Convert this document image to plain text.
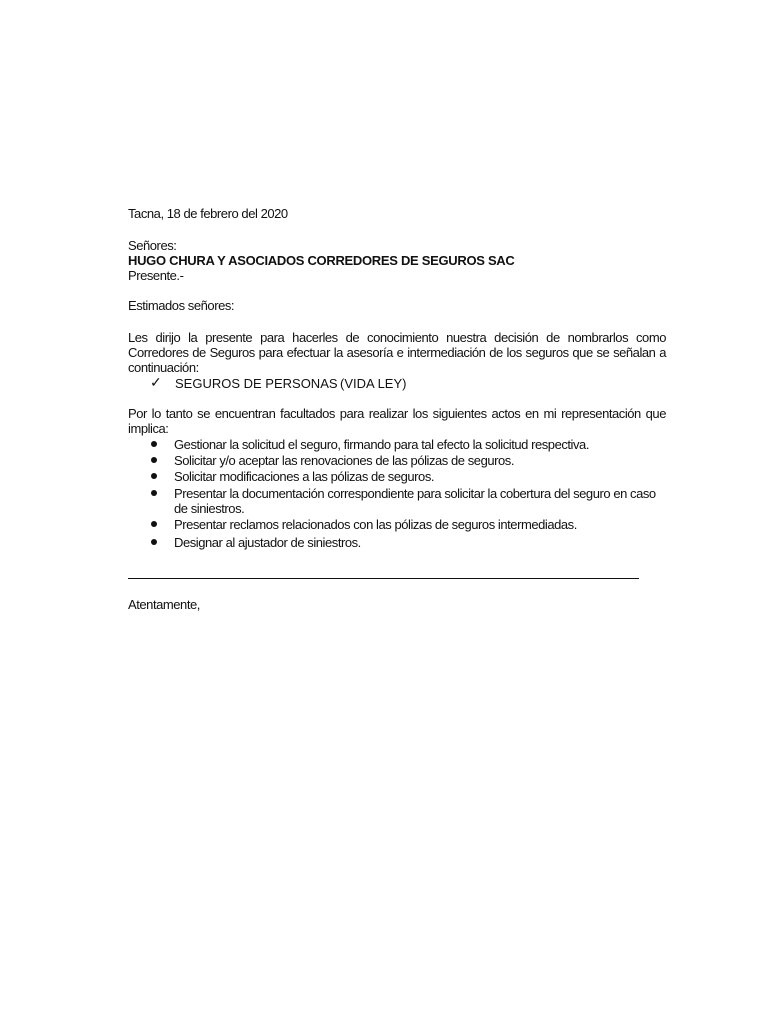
Tacna, 18 de febrero del 2020
Señores:
HUGO CHURA Y ASOCIADOS CORREDORES DE SEGUROS SAC
Presente.-
Estimados señores:
Les dirijo la presente para hacerles de conocimiento nuestra decisión de nombrarlos como Corredores de Seguros para efectuar la asesoría e intermediación de los seguros que se señalan a continuación:
✓ SEGUROS DE PERSONAS (VIDA LEY)
Por lo tanto se encuentran facultados para realizar los siguientes actos en mi representación que implica:
Gestionar la solicitud el seguro, firmando para tal efecto la solicitud respectiva.
Solicitar y/o aceptar las renovaciones de las pólizas de seguros.
Solicitar modificaciones a las pólizas de seguros.
Presentar la documentación correspondiente para solicitar la cobertura del seguro en caso de siniestros.
Presentar reclamos relacionados con las pólizas de seguros intermediadas.
Designar al ajustador de siniestros.
Atentamente,
